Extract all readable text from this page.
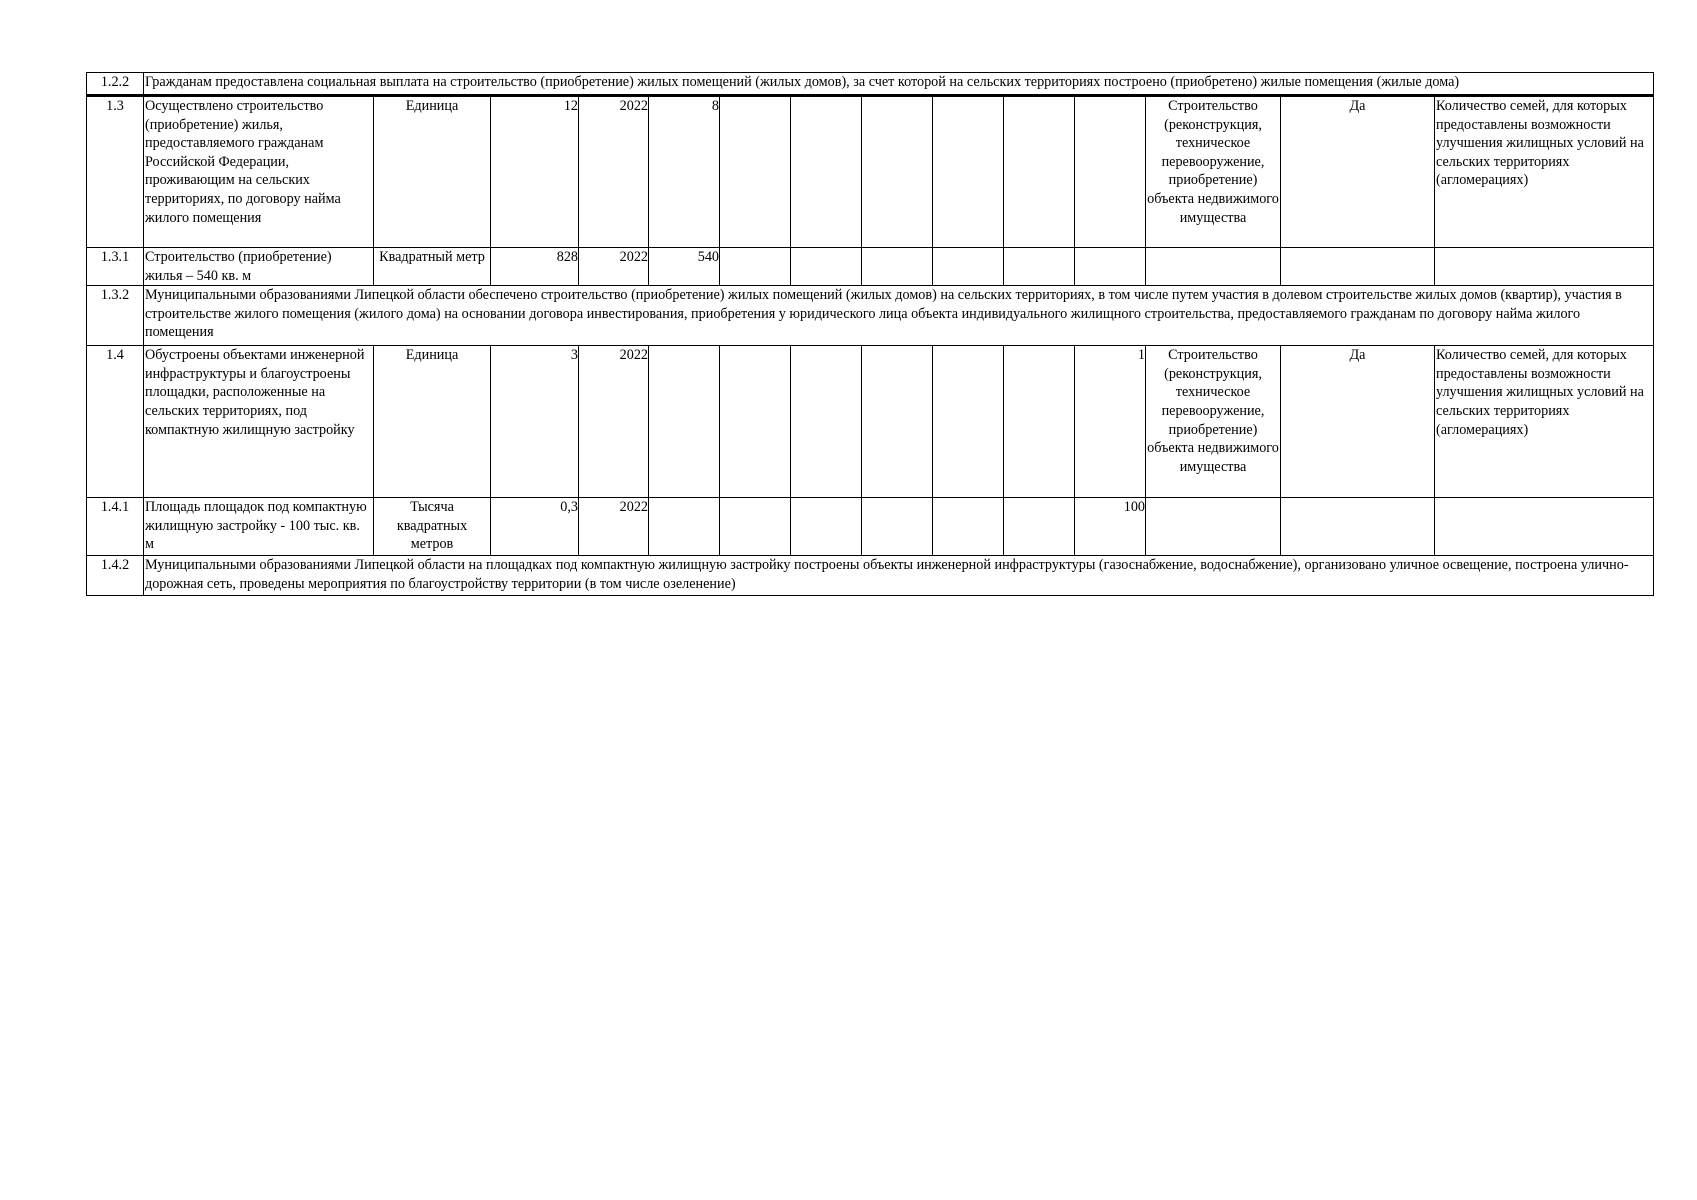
1.2.2	Гражданам предоставлена социальная выплата на строительство (приобретение) жилых помещений (жилых домов), за счет которой на сельских территориях построено (приобретено) жилые помещения (жилые дома)													
1.3	Осуществлено строительство (приобретение) жилья, предоставляемого гражданам Российской Федерации, проживающим на сельских территориях, по договору найма жилого помещения	Единица	12	2022	8							Строительство (реконструкция, техническое перевооружение, приобретение) объекта недвижимого имущества	Да	Количество семей, для которых предоставлены возможности улучшения жилищных условий на сельских территориях (агломерациях)
1.3.1	Строительство (приобретение) жилья – 540 кв. м	Квадратный метр	828	2022	540									
1.3.2	Муниципальными образованиями Липецкой области обеспечено строительство (приобретение) жилых помещений (жилых домов) на сельских территориях, в том числе путем участия в долевом строительстве жилых домов (квартир), участия в строительстве жилого помещения (жилого дома) на основании договора инвестирования, приобретения у юридического лица объекта индивидуального жилищного строительства, предоставляемого гражданам по договору найма жилого помещения													
1.4	Обустроены объектами инженерной инфраструктуры и благоустроены площадки, расположенные на сельских территориях, под компактную жилищную застройку	Единица	3	2022							1	Строительство (реконструкция, техническое перевооружение, приобретение) объекта недвижимого имущества	Да	Количество семей, для которых предоставлены возможности улучшения жилищных условий на сельских территориях (агломерациях)
1.4.1	Площадь площадок под компактную жилищную застройку - 100 тыс. кв. м	Тысяча квадратных метров	0,3	2022							100			
1.4.2	Муниципальными образованиями Липецкой области на площадках под компактную жилищную застройку построены объекты инженерной инфраструктуры (газоснабжение, водоснабжение), организовано уличное освещение, построена улично-дорожная сеть, проведены мероприятия по благоустройству территории (в том числе озеленение)													
